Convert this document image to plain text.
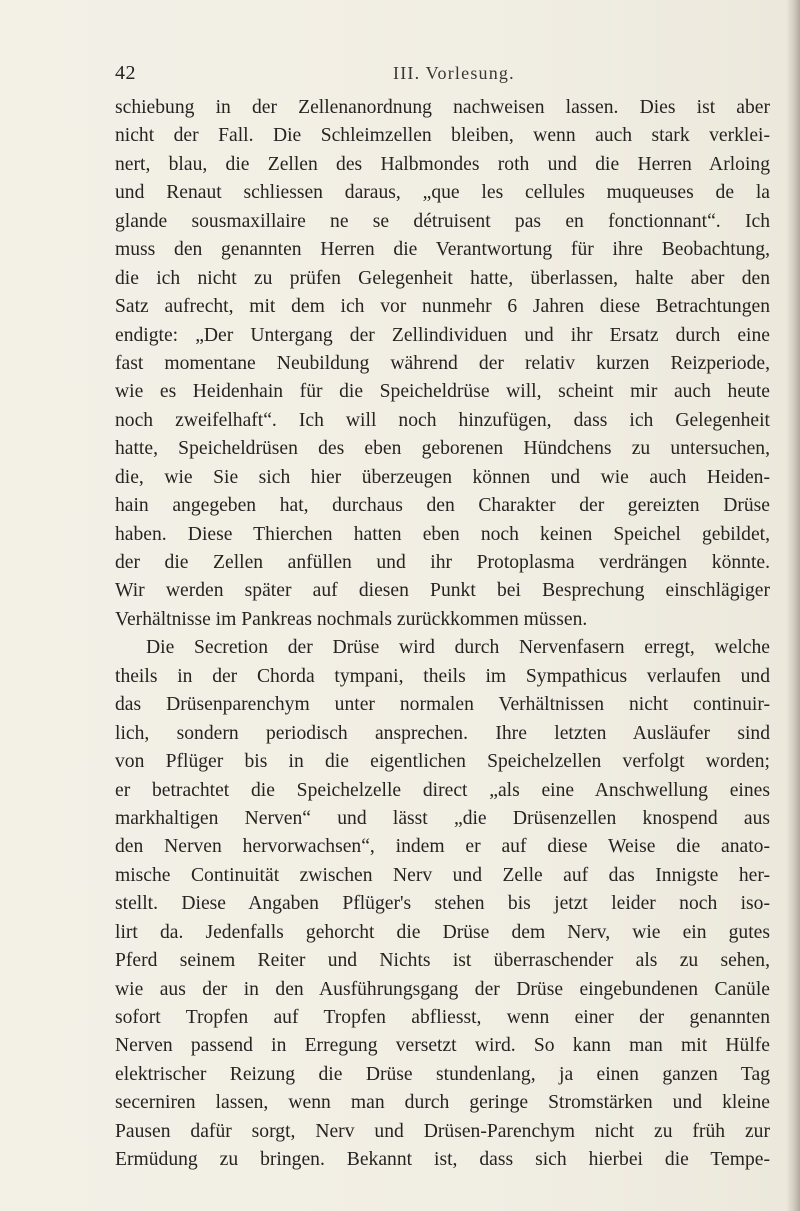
42	III. Vorlesung.
schiebung in der Zellenanordnung nachweisen lassen. Dies ist aber
nicht der Fall. Die Schleimzellen bleiben, wenn auch stark verklei-
nert, blau, die Zellen des Halbmondes roth und die Herren Arloing
und Renaut schliessen daraus, „que les cellules muqueuses de la
glande sousmaxillaire ne se détruisent pas en fonctionnant“. Ich
muss den genannten Herren die Verantwortung für ihre Beobachtung,
die ich nicht zu prüfen Gelegenheit hatte, überlassen, halte aber den
Satz aufrecht, mit dem ich vor nunmehr 6 Jahren diese Betrachtungen
endigte: „Der Untergang der Zellindividuen und ihr Ersatz durch eine
fast momentane Neubildung während der relativ kurzen Reizperiode,
wie es Heidenhain für die Speicheldrüse will, scheint mir auch heute
noch zweifelhaft“. Ich will noch hinzufügen, dass ich Gelegenheit
hatte, Speicheldrüsen des eben geborenen Hündchens zu untersuchen,
die, wie Sie sich hier überzeugen können und wie auch Heiden-
hain angegeben hat, durchaus den Charakter der gereizten Drüse
haben. Diese Thierchen hatten eben noch keinen Speichel gebildet,
der die Zellen anfüllen und ihr Protoplasma verdrängen könnte.
Wir werden später auf diesen Punkt bei Besprechung einschlägiger
Verhältnisse im Pankreas nochmals zurückkommen müssen.
Die Secretion der Drüse wird durch Nervenfasern erregt, welche
theils in der Chorda tympani, theils im Sympathicus verlaufen und
das Drüsenparenchym unter normalen Verhältnissen nicht continuir-
lich, sondern periodisch ansprechen. Ihre letzten Ausläufer sind
von Pflüger bis in die eigentlichen Speichelzellen verfolgt worden;
er betrachtet die Speichelzelle direct „als eine Anschwellung eines
markhaltigen Nerven“ und lässt „die Drüsenzellen knospend aus
den Nerven hervorwachsen“, indem er auf diese Weise die anato-
mische Continuität zwischen Nerv und Zelle auf das Innigste her-
stellt. Diese Angaben Pflüger's stehen bis jetzt leider noch iso-
lirt da. Jedenfalls gehorcht die Drüse dem Nerv, wie ein gutes
Pferd seinem Reiter und Nichts ist überraschender als zu sehen,
wie aus der in den Ausführungsgang der Drüse eingebundenen Canüle
sofort Tropfen auf Tropfen abfliesst, wenn einer der genannten
Nerven passend in Erregung versetzt wird. So kann man mit Hülfe
elektrischer Reizung die Drüse stundenlang, ja einen ganzen Tag
secerniren lassen, wenn man durch geringe Stromstärken und kleine
Pausen dafür sorgt, Nerv und Drüsen-Parenchym nicht zu früh zur
Ermüdung zu bringen. Bekannt ist, dass sich hierbei die Tempe-
